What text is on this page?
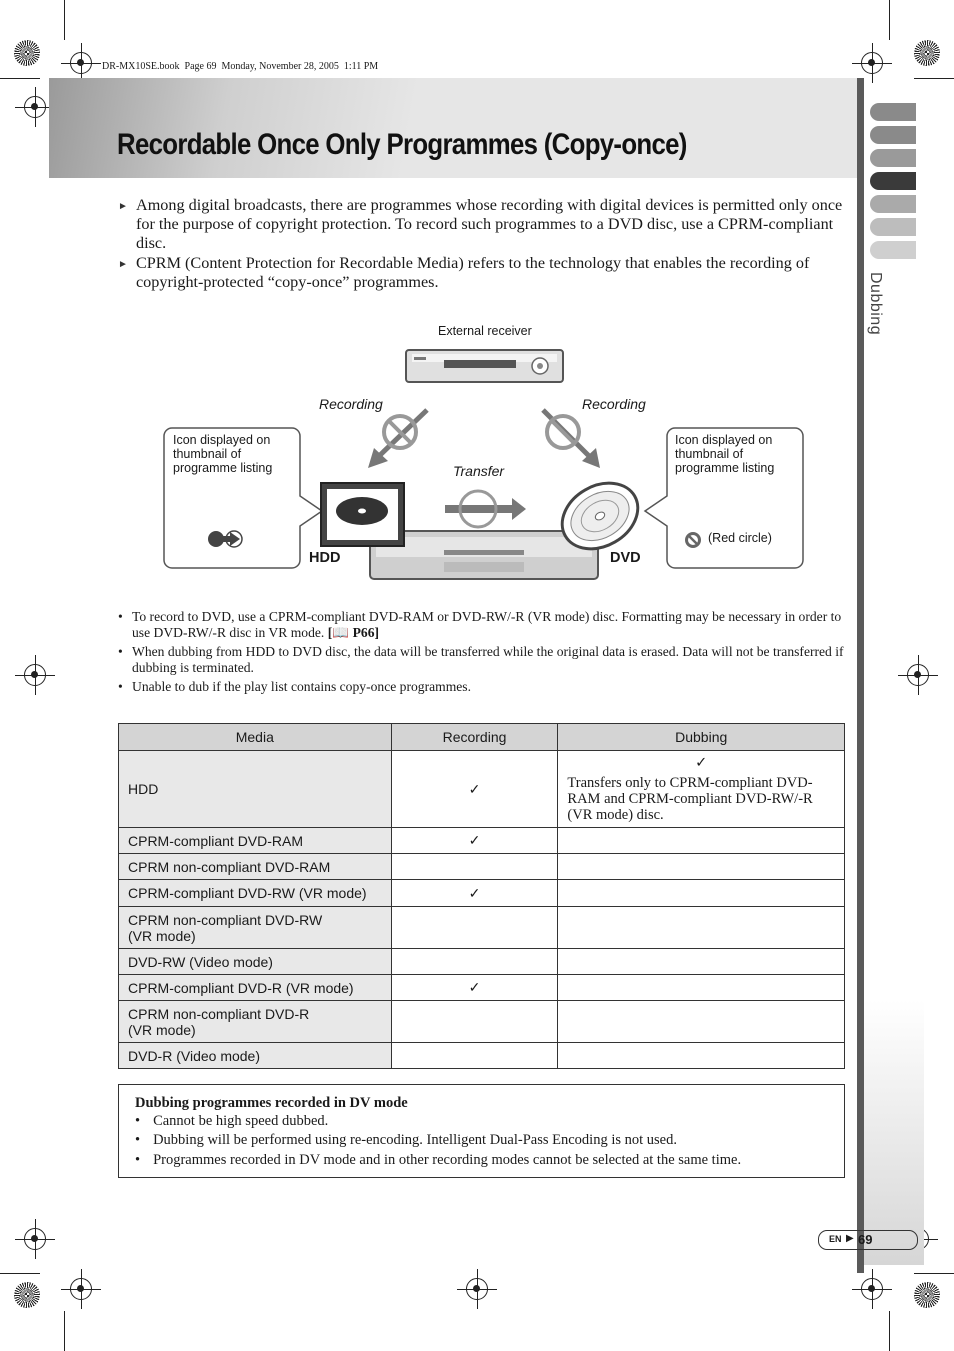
DR-MX10SE.book  Page 69  Monday, November 28, 2005  1:11 PM
Recordable Once Only Programmes (Copy-once)
Dubbing
► Among digital broadcasts, there are programmes whose recording with digital devices is permitted only once for the purpose of copyright protection. To record such programmes to a DVD disc, use a CPRM-compliant disc.
► CPRM (Content Protection for Recordable Media) refers to the technology that enables the recording of copyright-protected “copy-once” programmes.
External receiver
Recording	Recording
Transfer
Icon displayed on thumbnail of programme listing
Icon displayed on thumbnail of programme listing
(Red circle)
HDD	DVD
• To record to DVD, use a CPRM-compliant DVD-RAM or DVD-RW/-R (VR mode) disc. Formatting may be necessary in order to use DVD-RW/-R disc in VR mode. [📖 P66]
• When dubbing from HDD to DVD disc, the data will be transferred while the original data is erased. Data will not be transferred if dubbing is terminated.
• Unable to dub if the play list contains copy-once programmes.
Media	Recording	Dubbing
HDD	✓	✓
Transfers only to CPRM-compliant DVD-RAM and CPRM-compliant DVD-RW/-R (VR mode) disc.

CPRM-compliant DVD-RAM	✓	
CPRM non-compliant DVD-RAM		
CPRM-compliant DVD-RW (VR mode)	✓	
CPRM non-compliant DVD-RW
(VR mode)		
DVD-RW (Video mode)		
CPRM-compliant DVD-R (VR mode)	✓	
CPRM non-compliant DVD-R
(VR mode)		
DVD-R (Video mode)		
Dubbing programmes recorded in DV mode
• Cannot be high speed dubbed.
• Dubbing will be performed using re-encoding. Intelligent Dual-Pass Encoding is not used.
• Programmes recorded in DV mode and in other recording modes cannot be selected at the same time.
EN ▶ 69
